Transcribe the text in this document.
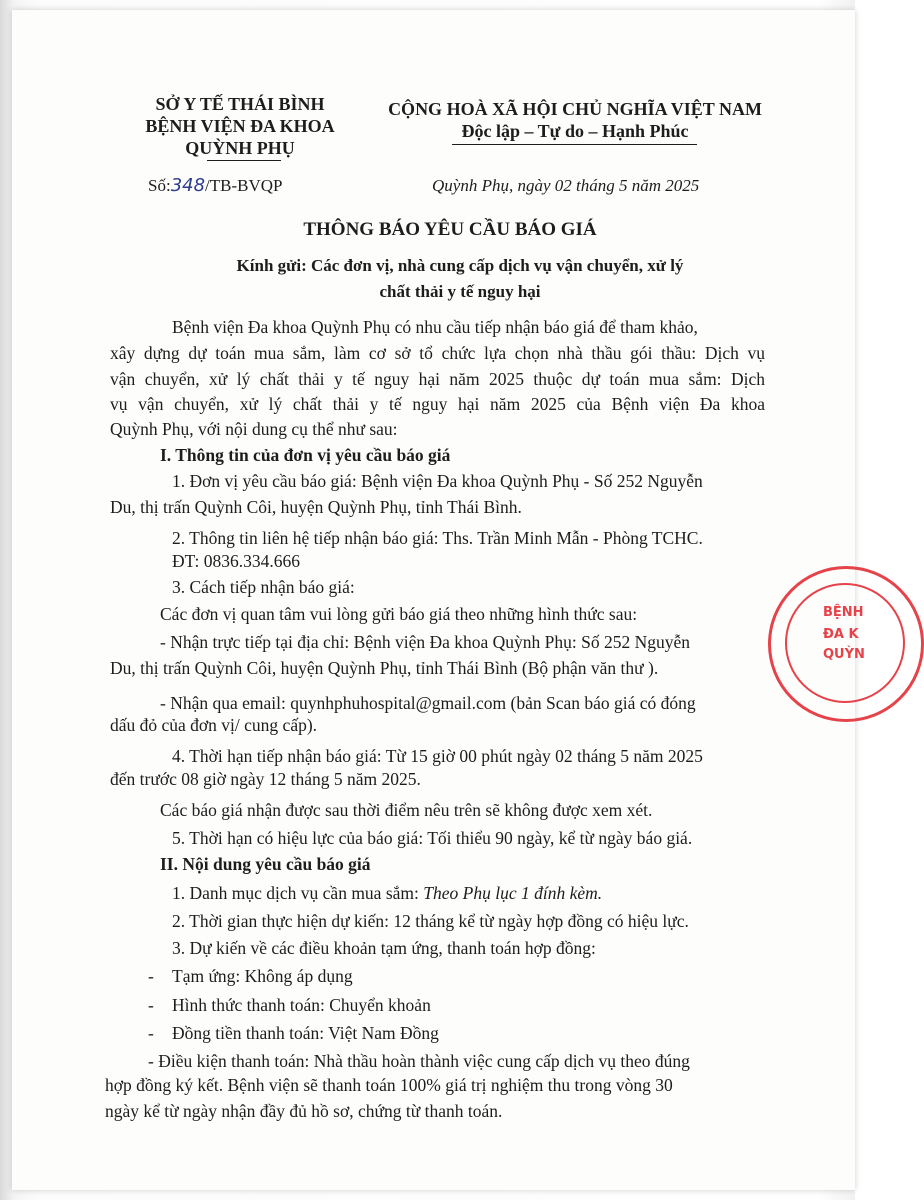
SỞ Y TẾ THÁI BÌNH
BỆNH VIỆN ĐA KHOA
QUỲNH PHỤ
Số:348/TB-BVQP
CỘNG HOÀ XÃ HỘI CHỦ NGHĨA VIỆT NAM
Độc lập – Tự do – Hạnh Phúc
Quỳnh Phụ, ngày 02 tháng 5 năm 2025
THÔNG BÁO YÊU CẦU BÁO GIÁ
Kính gửi: Các đơn vị, nhà cung cấp dịch vụ vận chuyển, xử lý
chất thải y tế nguy hại
Bệnh viện Đa khoa Quỳnh Phụ có nhu cầu tiếp nhận báo giá để tham khảo,
xây dựng dự toán mua sắm, làm cơ sở tổ chức lựa chọn nhà thầu gói thầu: Dịch vụ
vận chuyển, xử lý chất thải y tế nguy hại năm 2025 thuộc dự toán mua sắm: Dịch
vụ vận chuyển, xử lý chất thải y tế nguy hại năm 2025 của Bệnh viện Đa khoa
Quỳnh Phụ, với nội dung cụ thể như sau:
I. Thông tin của đơn vị yêu cầu báo giá
1. Đơn vị yêu cầu báo giá: Bệnh viện Đa khoa Quỳnh Phụ - Số 252 Nguyễn
Du, thị trấn Quỳnh Côi, huyện Quỳnh Phụ, tỉnh Thái Bình.
2. Thông tin liên hệ tiếp nhận báo giá: Ths. Trần Minh Mẫn - Phòng TCHC.
ĐT: 0836.334.666
3. Cách tiếp nhận báo giá:
Các đơn vị quan tâm vui lòng gửi báo giá theo những hình thức sau:
- Nhận trực tiếp tại địa chỉ: Bệnh viện Đa khoa Quỳnh Phụ: Số 252 Nguyễn
Du, thị trấn Quỳnh Côi, huyện Quỳnh Phụ, tỉnh Thái Bình (Bộ phận văn thư ).
- Nhận qua email: quynhphuhospital@gmail.com (bản Scan báo giá có đóng
dấu đỏ của đơn vị/ cung cấp).
4. Thời hạn tiếp nhận báo giá: Từ 15 giờ 00 phút ngày 02 tháng 5 năm 2025
đến trước 08 giờ ngày 12 tháng 5 năm 2025.
Các báo giá nhận được sau thời điểm nêu trên sẽ không được xem xét.
5. Thời hạn có hiệu lực của báo giá: Tối thiểu 90 ngày, kể từ ngày báo giá.
II. Nội dung yêu cầu báo giá
1. Danh mục dịch vụ cần mua sắm: Theo Phụ lục 1 đính kèm.
2. Thời gian thực hiện dự kiến: 12 tháng kể từ ngày hợp đồng có hiệu lực.
3. Dự kiến về các điều khoản tạm ứng, thanh toán hợp đồng:
- Tạm ứng: Không áp dụng
- Hình thức thanh toán: Chuyển khoản
- Đồng tiền thanh toán: Việt Nam Đồng
- Điều kiện thanh toán: Nhà thầu hoàn thành việc cung cấp dịch vụ theo đúng
hợp đồng ký kết. Bệnh viện sẽ thanh toán 100% giá trị nghiệm thu trong vòng 30
ngày kể từ ngày nhận đầy đủ hồ sơ, chứng từ thanh toán.
BỆNH
ĐA K
QUỲN
